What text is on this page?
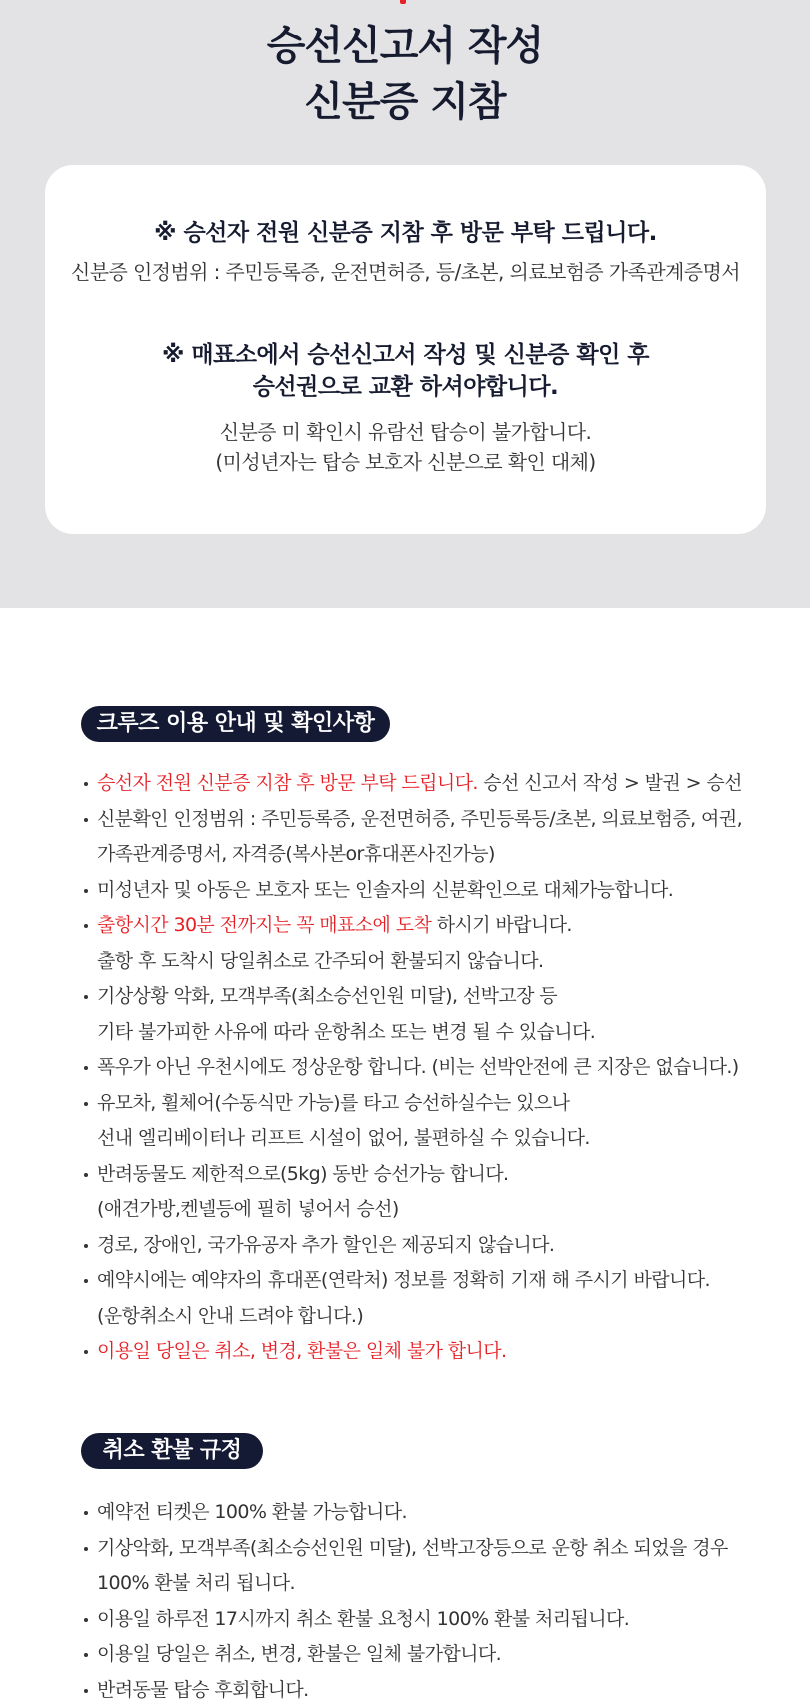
승선신고서 작성
신분증 지참
※ 승선자 전원 신분증 지참 후 방문 부탁 드립니다.
신분증 인정범위 : 주민등록증, 운전면허증, 등/초본, 의료보험증 가족관계증명서
※ 매표소에서 승선신고서 작성 및 신분증 확인 후
승선권으로 교환 하셔야합니다.
신분증 미 확인시 유람선 탑승이 불가합니다.
(미성년자는 탑승 보호자 신분으로 확인 대체)
크루즈 이용 안내 및 확인사항
승선자 전원 신분증 지참 후 방문 부탁 드립니다. 승선 신고서 작성 > 발권 > 승선
신분확인 인정범위 : 주민등록증, 운전면허증, 주민등록등/초본, 의료보험증, 여권,
가족관계증명서, 자격증(복사본or휴대폰사진가능)
미성년자 및 아동은 보호자 또는 인솔자의 신분확인으로 대체가능합니다.
출항시간 30분 전까지는 꼭 매표소에 도착 하시기 바랍니다.
출항 후 도착시 당일취소로 간주되어 환불되지 않습니다.
기상상황 악화, 모객부족(최소승선인원 미달), 선박고장 등
기타 불가피한 사유에 따라 운항취소 또는 변경 될 수 있습니다.
폭우가 아닌 우천시에도 정상운항 합니다. (비는 선박안전에 큰 지장은 없습니다.)
유모차, 휠체어(수동식만 가능)를 타고 승선하실수는 있으나
선내 엘리베이터나 리프트 시설이 없어, 불편하실 수 있습니다.
반려동물도 제한적으로(5kg) 동반 승선가능 합니다.
(애견가방,켄넬등에 필히 넣어서 승선)
경로, 장애인, 국가유공자 추가 할인은 제공되지 않습니다.
예약시에는 예약자의 휴대폰(연락처) 정보를 정확히 기재 해 주시기 바랍니다.
(운항취소시 안내 드려야 합니다.)
이용일 당일은 취소, 변경, 환불은 일체 불가 합니다.
취소 환불 규정
예약전 티켓은 100% 환불 가능합니다.
기상악화, 모객부족(최소승선인원 미달), 선박고장등으로 운항 취소 되었을 경우
100% 환불 처리 됩니다.
이용일 하루전 17시까지 취소 환불 요청시 100% 환불 처리됩니다.
이용일 당일은 취소, 변경, 환불은 일체 불가합니다.
반려동물 탑승 후회합니다.
